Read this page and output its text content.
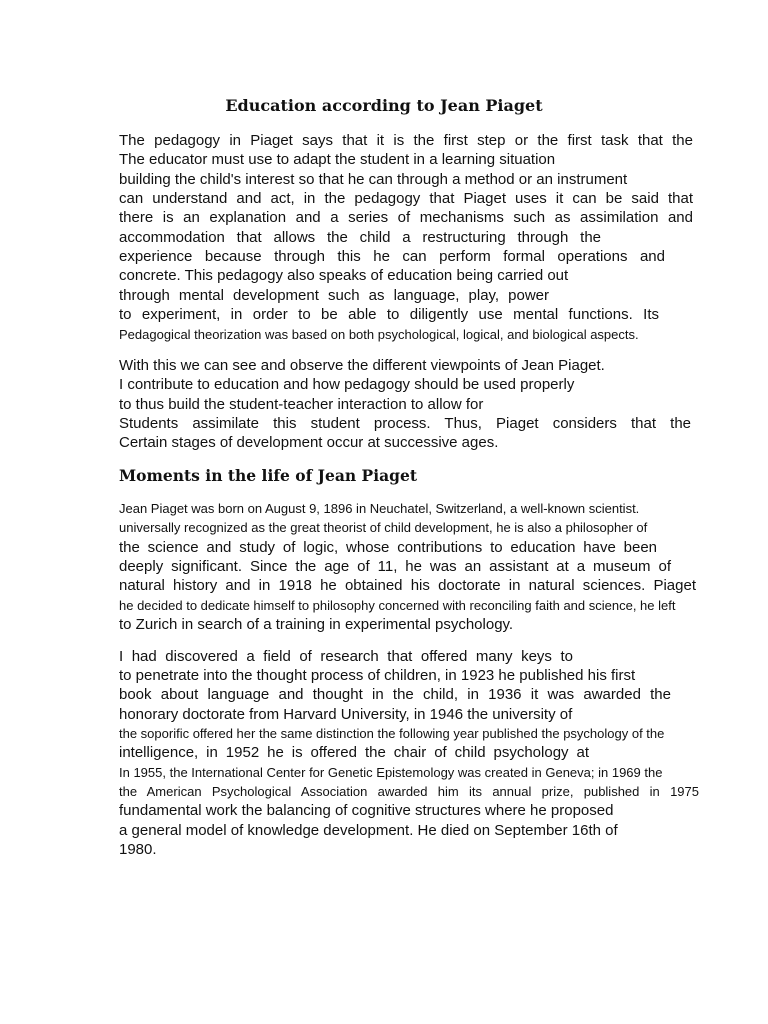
Education according to Jean Piaget

The pedagogy in Piaget says that it is the first step or the first task that the

The educator must use to adapt the student in a learning situation

building the child's interest so that he can through a method or an instrument

can understand and act, in the pedagogy that Piaget uses it can be said that

there is an explanation and a series of mechanisms such as assimilation and

accommodation that allows the child a restructuring through the

experience because through this he can perform formal operations and

concrete. This pedagogy also speaks of education being carried out

through mental development such as language, play, power

to experiment, in order to be able to diligently use mental functions. Its

Pedagogical theorization was based on both psychological, logical, and biological aspects.

With this we can see and observe the different viewpoints of Jean Piaget.

I contribute to education and how pedagogy should be used properly

to thus build the student-teacher interaction to allow for

Students assimilate this student process. Thus, Piaget considers that the

Certain stages of development occur at successive ages.

Moments in the life of Jean Piaget

Jean Piaget was born on August 9, 1896 in Neuchatel, Switzerland, a well-known scientist.

universally recognized as the great theorist of child development, he is also a philosopher of

the science and study of logic, whose contributions to education have been

deeply significant. Since the age of 11, he was an assistant at a museum of

natural history and in 1918 he obtained his doctorate in natural sciences. Piaget

he decided to dedicate himself to philosophy concerned with reconciling faith and science, he left

to Zurich in search of a training in experimental psychology.

I had discovered a field of research that offered many keys to

to penetrate into the thought process of children, in 1923 he published his first

book about language and thought in the child, in 1936 it was awarded the

honorary doctorate from Harvard University, in 1946 the university of

the soporific offered her the same distinction the following year published the psychology of the

intelligence, in 1952 he is offered the chair of child psychology at

In 1955, the International Center for Genetic Epistemology was created in Geneva; in 1969 the

the American Psychological Association awarded him its annual prize, published in 1975

fundamental work the balancing of cognitive structures where he proposed

a general model of knowledge development. He died on September 16th of

1980.
